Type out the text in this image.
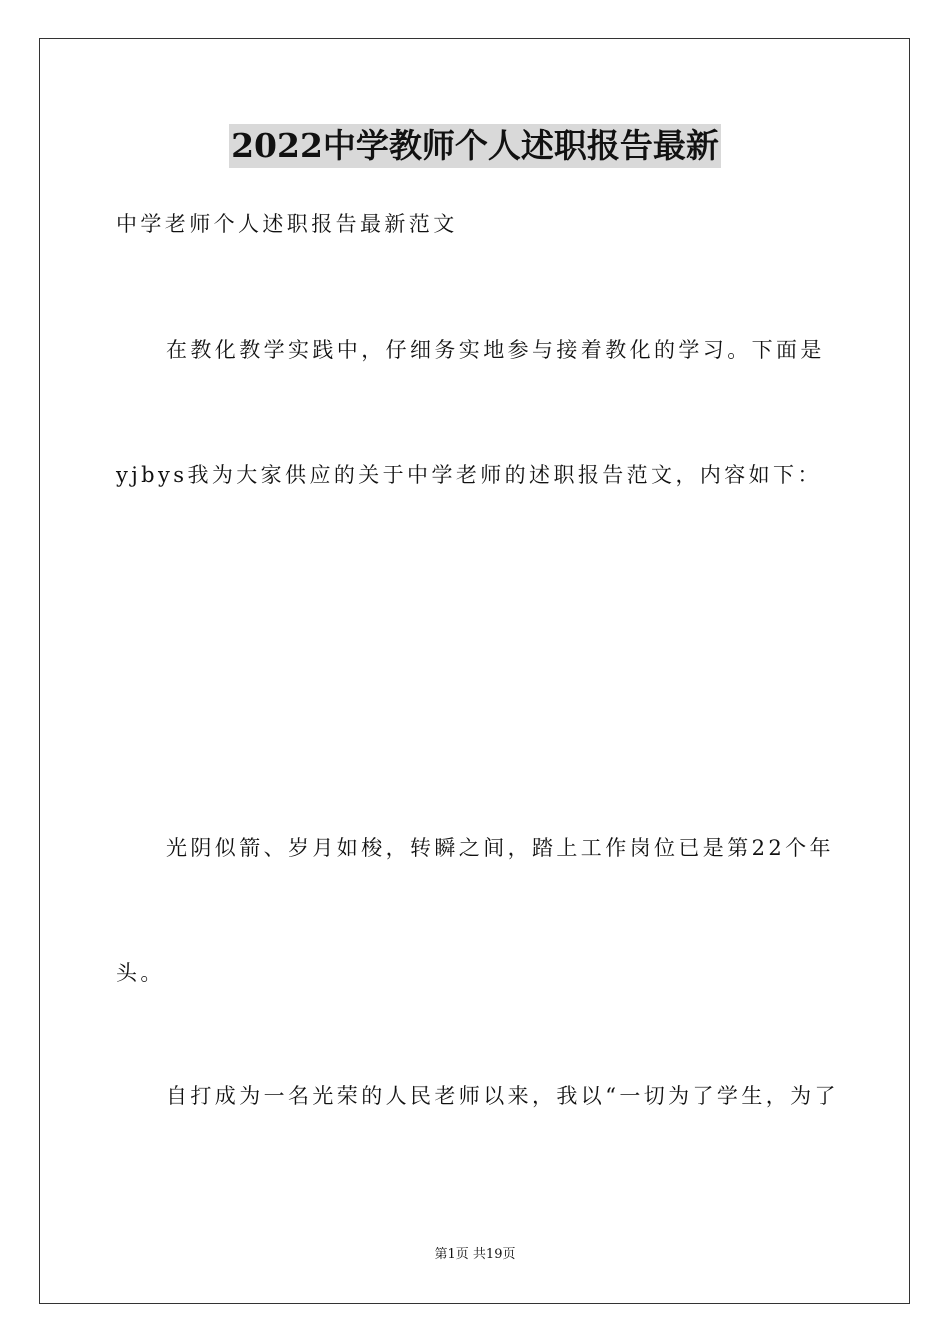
2022中学教师个人述职报告最新
中学老师个人述职报告最新范文
在教化教学实践中，仔细务实地参与接着教化的学习。下面是
yjbys我为大家供应的关于中学老师的述职报告范文，内容如下：
光阴似箭、岁月如梭，转瞬之间，踏上工作岗位已是第22个年
头。
自打成为一名光荣的人民老师以来，我以“一切为了学生，为了
第1页 共19页
